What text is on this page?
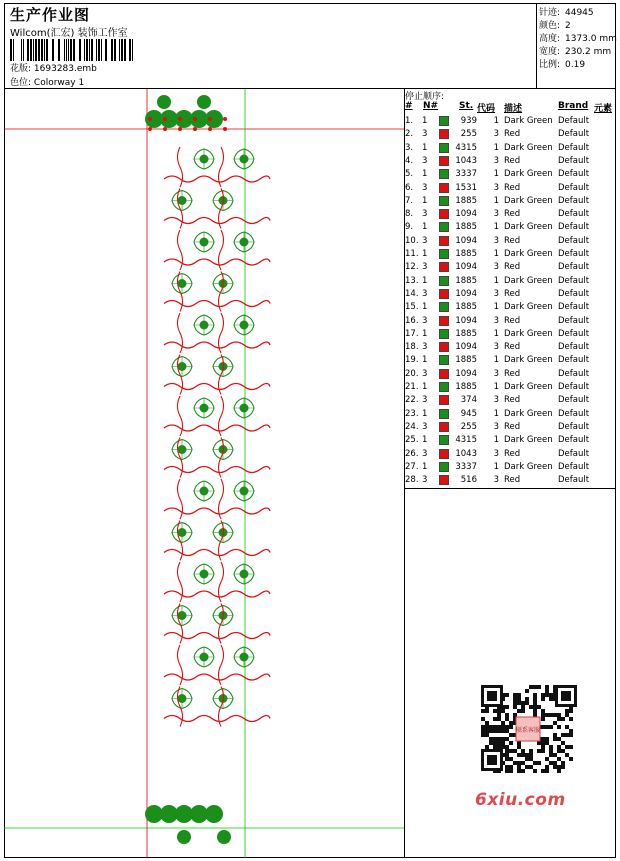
生产作业图
Wilcom(汇宏) 装饰工作室
花版: 1693283.emb
色位: Colorway 1
针迹: 44945
颜色: 2
高度: 1373.0 mm
宽度: 230.2 mm
比例: 0.19
停止顺序:
# N# St. 代码 描述	Brand 元素
1. 1	939	1 Dark Green Default
2. 3	255	3 Red	Default
3. 1	4315	1 Dark Green Default
4. 3	1043	3 Red	Default
5. 1	3337	1 Dark Green Default
6. 3	1531	3 Red	Default
7. 1	1885	1 Dark Green Default
8. 3	1094	3 Red	Default
9. 1	1885	1 Dark Green Default
10. 3	1094	3 Red	Default
11. 1	1885	1 Dark Green Default
12. 3	1094	3 Red	Default
13. 1	1885	1 Dark Green Default
14. 3	1094	3 Red	Default
15. 1	1885	1 Dark Green Default
16. 3	1094	3 Red	Default
17. 1	1885	1 Dark Green Default
18. 3	1094	3 Red	Default
19. 1	1885	1 Dark Green Default
20. 3	1094	3 Red	Default
21. 1	1885	1 Dark Green Default
22. 3	374	3 Red	Default
23. 1	945	1 Dark Green Default
24. 3	255	3 Red	Default
25. 1	4315	1 Dark Green Default
26. 3	1043	3 Red	Default
27. 1	3337	1 Dark Green Default
28. 3	516	3 Red	Default
联系客服
6xiu.com
